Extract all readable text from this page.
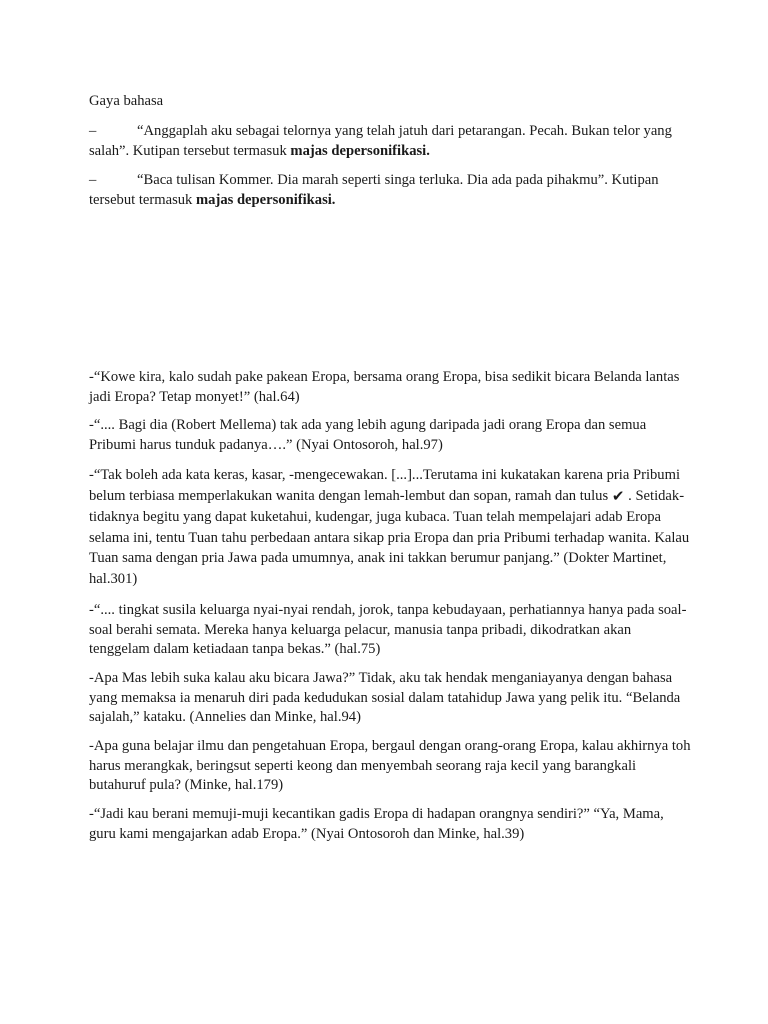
Gaya bahasa

–	“Anggaplah aku sebagai telornya yang telah jatuh dari petarangan. Pecah. Bukan telor yang salah”. Kutipan tersebut termasuk majas depersonifikasi.

–	“Baca tulisan Kommer. Dia marah seperti singa terluka. Dia ada pada pihakmu”. Kutipan tersebut termasuk majas depersonifikasi.

-“Kowe kira, kalo sudah pake pakean Eropa, bersama orang Eropa, bisa sedikit bicara Belanda lantas jadi Eropa? Tetap monyet!” (hal.64)

-“.... Bagi dia (Robert Mellema) tak ada yang lebih agung daripada jadi orang Eropa dan semua Pribumi harus tunduk padanya….” (Nyai Ontosoroh, hal.97)

-“Tak boleh ada kata keras, kasar, -mengecewakan. [...]...Terutama ini kukatakan karena pria Pribumi belum terbiasa memperlakukan wanita dengan lemah-lembut dan sopan, ramah dan tulus ✔ . Setidak-tidaknya begitu yang dapat kuketahui, kudengar, juga kubaca. Tuan telah mempelajari adab Eropa selama ini, tentu Tuan tahu perbedaan antara sikap pria Eropa dan pria Pribumi terhadap wanita. Kalau Tuan sama dengan pria Jawa pada umumnya, anak ini takkan berumur panjang.” (Dokter Martinet, hal.301)

-“.... tingkat susila keluarga nyai-nyai rendah, jorok, tanpa kebudayaan, perhatiannya hanya pada soal-soal berahi semata. Mereka hanya keluarga pelacur, manusia tanpa pribadi, dikodratkan akan tenggelam dalam ketiadaan tanpa bekas.” (hal.75)

-Apa Mas lebih suka kalau aku bicara Jawa?” Tidak, aku tak hendak menganiayanya dengan bahasa yang memaksa ia menaruh diri pada kedudukan sosial dalam tatahidup Jawa yang pelik itu. “Belanda sajalah,” kataku. (Annelies dan Minke, hal.94)

-Apa guna belajar ilmu dan pengetahuan Eropa, bergaul dengan orang-orang Eropa, kalau akhirnya toh harus merangkak, beringsut seperti keong dan menyembah seorang raja kecil yang barangkali butahuruf pula? (Minke, hal.179)

-“Jadi kau berani memuji-muji kecantikan gadis Eropa di hadapan orangnya sendiri?” “Ya, Mama, guru kami mengajarkan adab Eropa.” (Nyai Ontosoroh dan Minke, hal.39)
